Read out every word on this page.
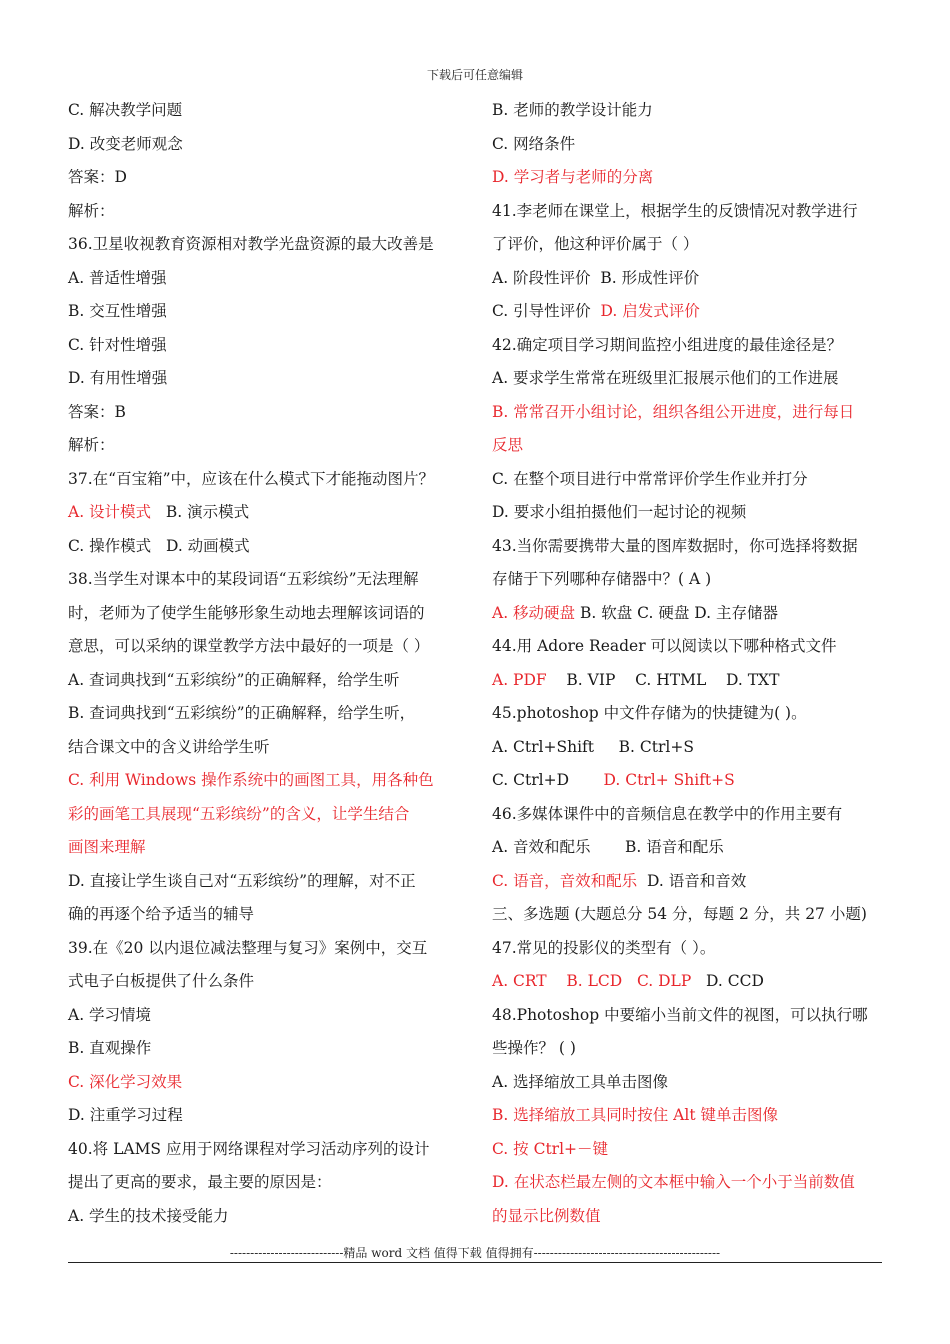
下载后可任意编辑
C. 解决教学问题
D. 改变老师观念
答案：D
解析：
36.卫星收视教育资源相对教学光盘资源的最大改善是
A. 普适性增强
B. 交互性增强
C. 针对性增强
D. 有用性增强
答案：B
解析：
37.在“百宝箱”中，应该在什么模式下才能拖动图片？
A. 设计模式   B. 演示模式
C. 操作模式   D. 动画模式
38.当学生对课本中的某段词语“五彩缤纷”无法理解
时，老师为了使学生能够形象生动地去理解该词语的
意思，可以采纳的课堂教学方法中最好的一项是（ ）
A. 查词典找到“五彩缤纷”的正确解释，给学生听
B. 查词典找到“五彩缤纷”的正确解释，给学生听，
结合课文中的含义讲给学生听
C. 利用 Windows 操作系统中的画图工具，用各种色
彩的画笔工具展现“五彩缤纷”的含义，让学生结合
画图来理解
D. 直接让学生谈自己对“五彩缤纷”的理解，对不正
确的再逐个给予适当的辅导
39.在《20 以内退位减法整理与复习》案例中，交互
式电子白板提供了什么条件
A. 学习情境
B. 直观操作
C. 深化学习效果
D. 注重学习过程
40.将 LAMS 应用于网络课程对学习活动序列的设计
提出了更高的要求，最主要的原因是：
A. 学生的技术接受能力
B. 老师的教学设计能力
C. 网络条件
D. 学习者与老师的分离
41.李老师在课堂上，根据学生的反馈情况对教学进行
了评价，他这种评价属于（ ）
A. 阶段性评价  B. 形成性评价
C. 引导性评价  D. 启发式评价
42.确定项目学习期间监控小组进度的最佳途径是？
A. 要求学生常常在班级里汇报展示他们的工作进展
B. 常常召开小组讨论，组织各组公开进度，进行每日
反思
C. 在整个项目进行中常常评价学生作业并打分
D. 要求小组拍摄他们一起讨论的视频
43.当你需要携带大量的图库数据时，你可选择将数据
存储于下列哪种存储器中？( A )
A. 移动硬盘 B. 软盘 C. 硬盘 D. 主存储器
44.用 Adore Reader 可以阅读以下哪种格式文件
A. PDF    B. VIP    C. HTML    D. TXT
45.photoshop 中文件存储为的快捷键为( )。
A. Ctrl+Shift     B. Ctrl+S
C. Ctrl+D       D. Ctrl+ Shift+S
46.多媒体课件中的音频信息在教学中的作用主要有
A. 音效和配乐       B. 语音和配乐
C. 语音，音效和配乐  D. 语音和音效
三、多选题 (大题总分 54 分，每题 2 分，共 27 小题)
47.常见的投影仪的类型有（ ）。
A. CRT    B. LCD   C. DLP   D. CCD
48.Photoshop 中要缩小当前文件的视图，可以执行哪
些操作？ ( )
A. 选择缩放工具单击图像
B. 选择缩放工具同时按住 Alt 键单击图像
C. 按 Ctrl+－键
D. 在状态栏最左侧的文本框中输入一个小于当前数值
的显示比例数值
----------------------------精品 word 文档 值得下载 值得拥有----------------------------------------------
